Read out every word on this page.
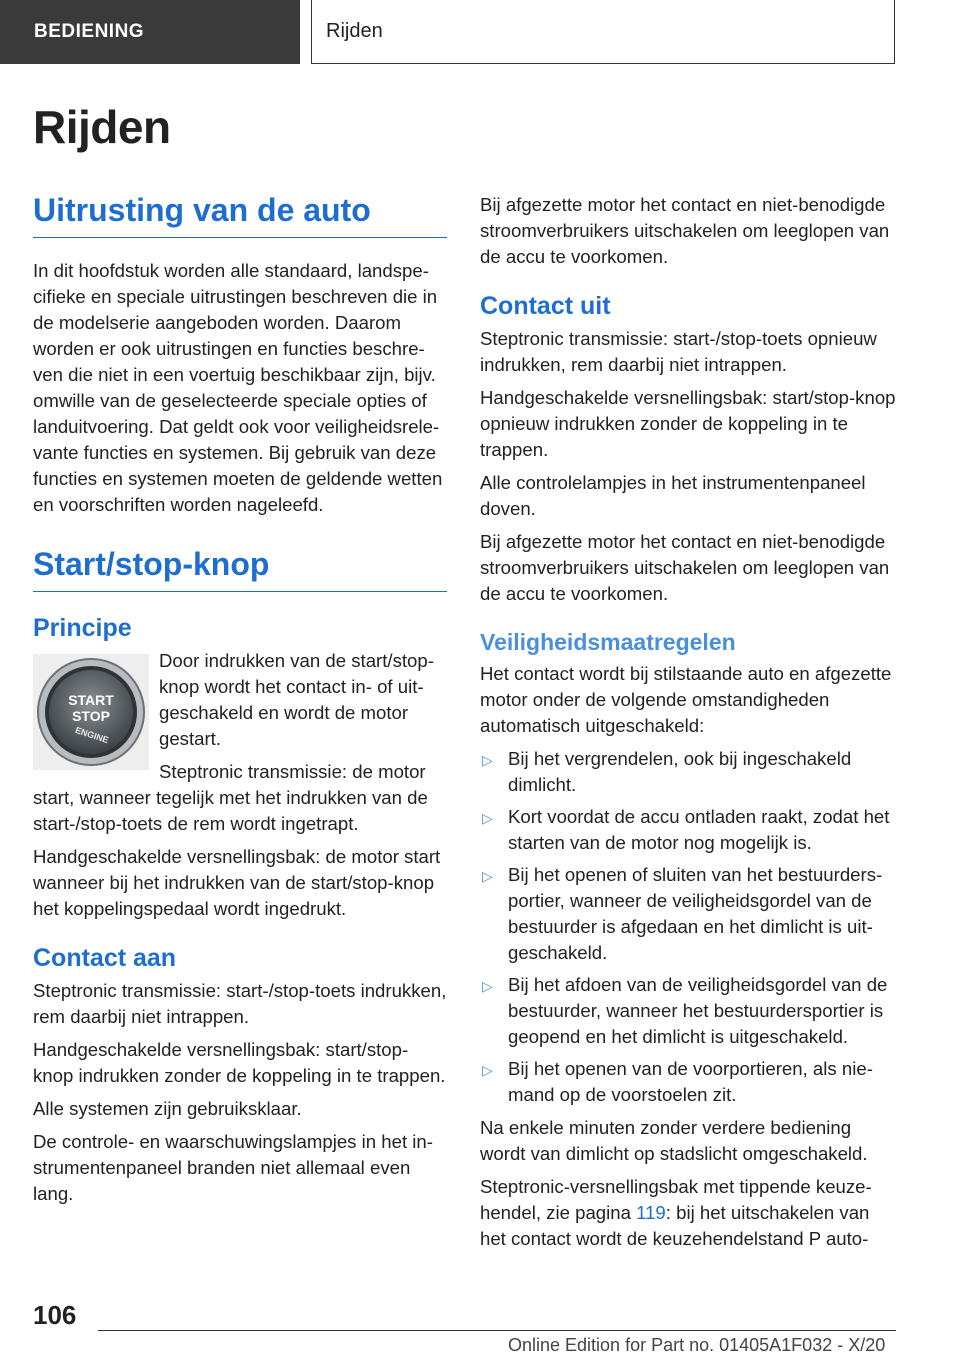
BEDIENING	Rijden
Rijden
Uitrusting van de auto

In dit hoofdstuk worden alle standaard, landspecifieke en speciale uitrustingen beschreven die in de modelserie aangeboden worden. Daarom worden er ook uitrustingen en functies beschreven die niet in een voertuig beschikbaar zijn, bijv. omwille van de geselecteerde speciale opties of landuitvoering. Dat geldt ook voor veiligheidsrelevante functies en systemen. Bij gebruik van deze functies en systemen moeten de geldende wetten en voorschriften worden nageleefd.

Start/stop-knop
Principe
START
STOP
ENGINE

Door indrukken van de start/stop-knop wordt het contact in- of uitgeschakeld en wordt de motor gestart.

Steptronic transmissie: de motor start, wanneer tegelijk met het indrukken van de start-/stop-toets de rem wordt ingetrapt.

Handgeschakelde versnellingsbak: de motor start wanneer bij het indrukken van de start/stop-knop het koppelingspedaal wordt ingedrukt.

Contact aan

Steptronic transmissie: start-/stop-toets indrukken, rem daarbij niet intrappen.

Handgeschakelde versnellingsbak: start/stop-knop indrukken zonder de koppeling in te trappen.

Alle systemen zijn gebruiksklaar.

De controle- en waarschuwingslampjes in het instrumentenpaneel branden niet allemaal even lang.

Bij afgezette motor het contact en niet-benodigde stroomverbruikers uitschakelen om leeglopen van de accu te voorkomen.

Contact uit

Steptronic transmissie: start-/stop-toets opnieuw indrukken, rem daarbij niet intrappen.

Handgeschakelde versnellingsbak: start/stop-knop opnieuw indrukken zonder de koppeling in te trappen.

Alle controlelampjes in het instrumentenpaneel doven.

Bij afgezette motor het contact en niet-benodigde stroomverbruikers uitschakelen om leeglopen van de accu te voorkomen.

Veiligheidsmaatregelen

Het contact wordt bij stilstaande auto en afgezette motor onder de volgende omstandigheden automatisch uitgeschakeld:

▷ Bij het vergrendelen, ook bij ingeschakeld dimlicht.
▷ Kort voordat de accu ontladen raakt, zodat het starten van de motor nog mogelijk is.
▷ Bij het openen of sluiten van het bestuurdersportier, wanneer de veiligheidsgordel van de bestuurder is afgedaan en het dimlicht is uitgeschakeld.
▷ Bij het afdoen van de veiligheidsgordel van de bestuurder, wanneer het bestuurdersportier is geopend en het dimlicht is uitgeschakeld.
▷ Bij het openen van de voorportieren, als niemand op de voorstoelen zit.

Na enkele minuten zonder verdere bediening wordt van dimlicht op stadslicht omgeschakeld.

Steptronic-versnellingsbak met tippende keuzehendel, zie pagina 119: bij het uitschakelen van het contact wordt de keuzehendelstand P auto-

106
Online Edition for Part no. 01405A1F032 - X/20
